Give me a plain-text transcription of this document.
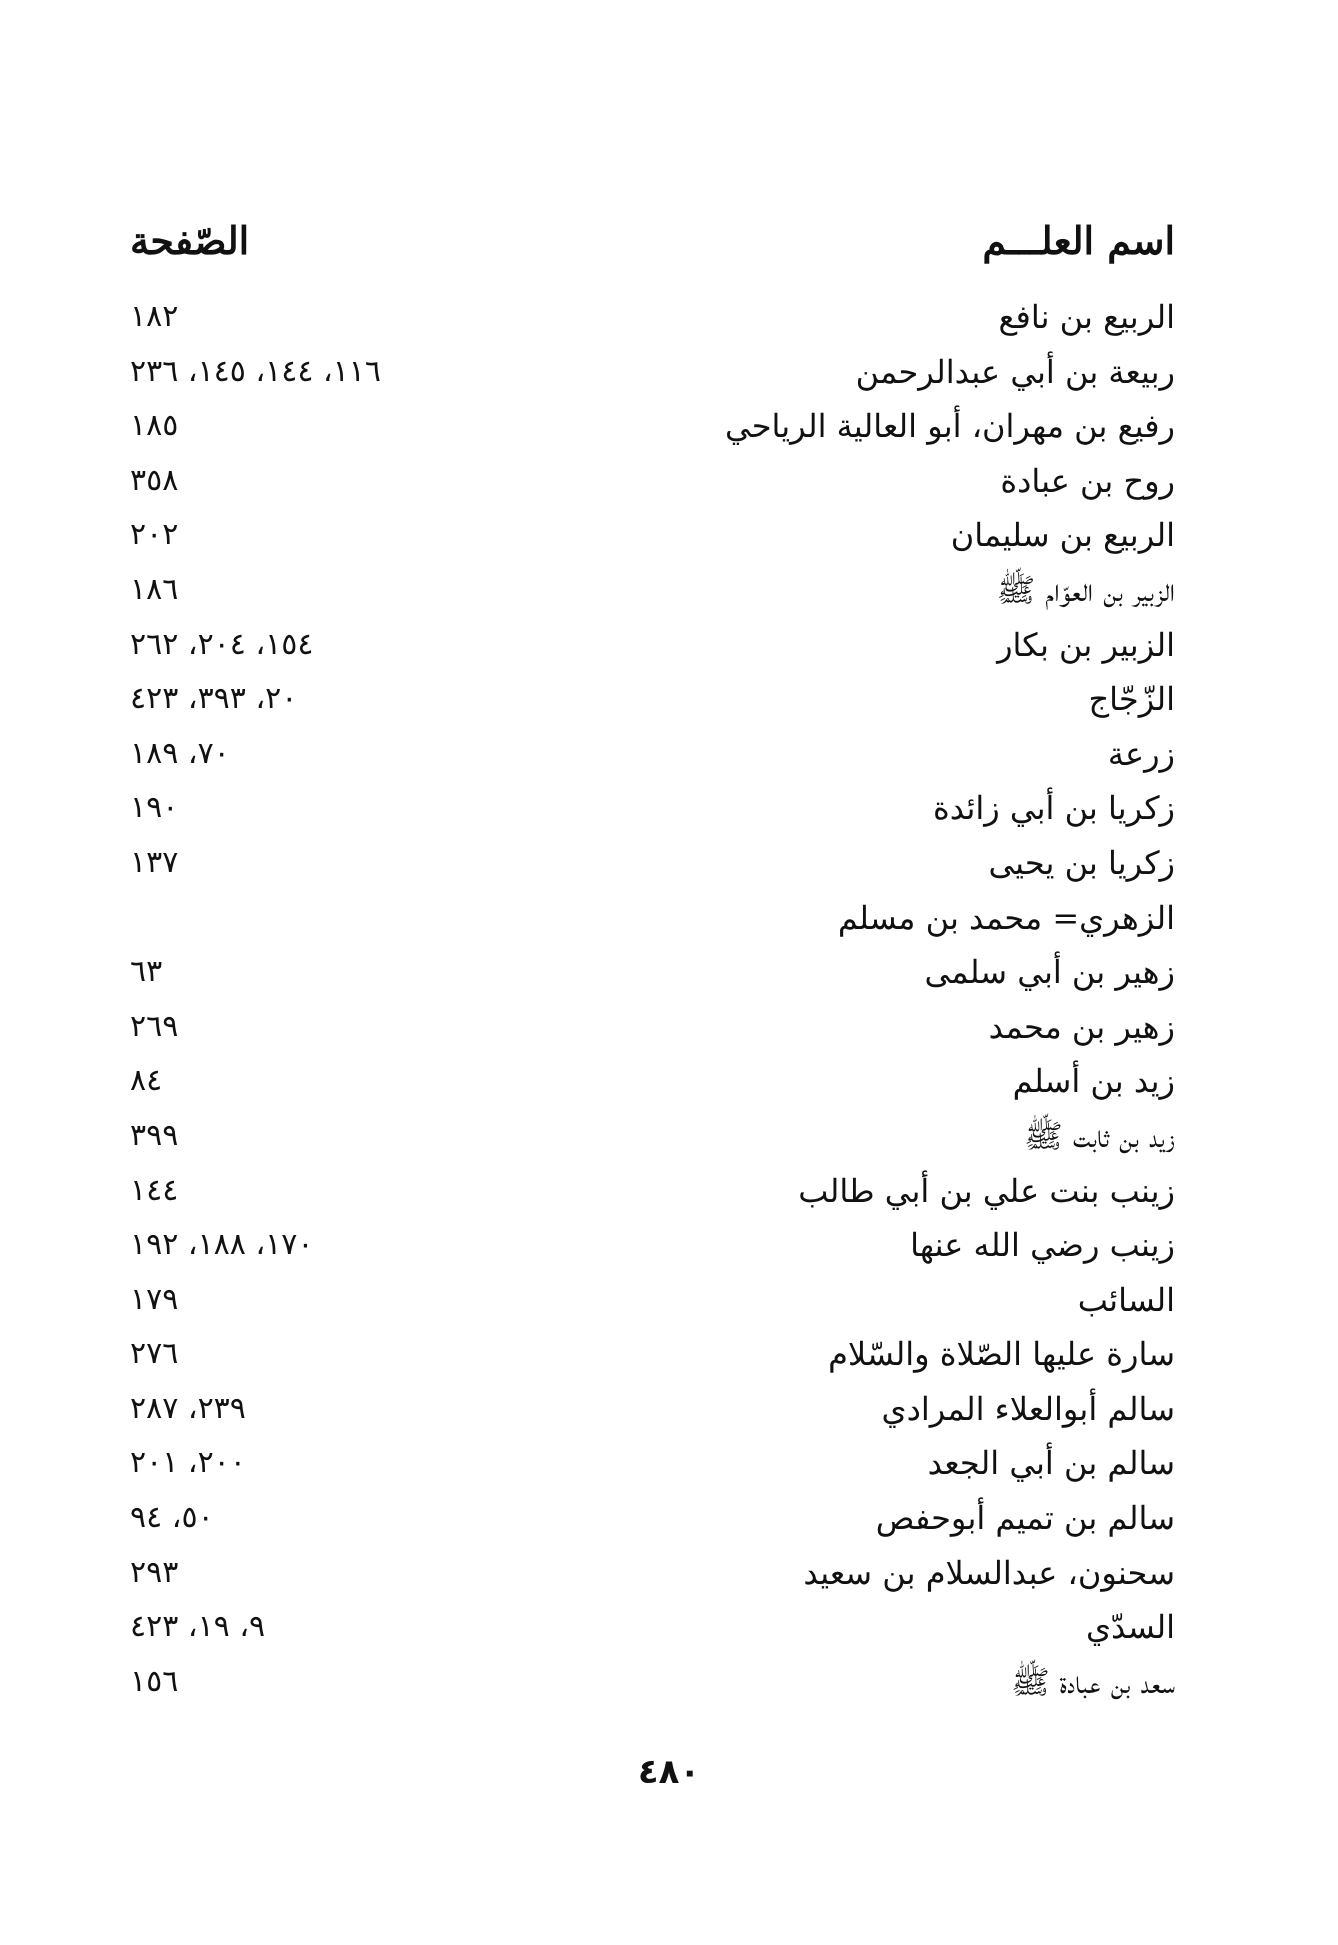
اسم العلـــم
الصّفحة
الربيع بن نافع
١٨٢
ربيعة بن أبي عبدالرحمن
١١٦، ١٤٤، ١٤٥، ٢٣٦
رفيع بن مهران، أبو العالية الرياحي
١٨٥
روح بن عبادة
٣٥٨
الربيع بن سليمان
٢٠٢
الزبير بن العوّام ﷺ
١٨٦
الزبير بن بكار
١٥٤، ٢٠٤، ٢٦٢
الزّجّاج
٢٠، ٣٩٣، ٤٢٣
زرعة
٧٠، ١٨٩
زكريا بن أبي زائدة
١٩٠
زكريا بن يحيى
١٣٧
الزهري= محمد بن مسلم
زهير بن أبي سلمى
٦٣
زهير بن محمد
٢٦٩
زيد بن أسلم
٨٤
زيد بن ثابت ﷺ
٣٩٩
زينب بنت علي بن أبي طالب
١٤٤
زينب رضي الله عنها
١٧٠، ١٨٨، ١٩٢
السائب
١٧٩
سارة عليها الصّلاة والسّلام
٢٧٦
سالم أبوالعلاء المرادي
٢٣٩، ٢٨٧
سالم بن أبي الجعد
٢٠٠، ٢٠١
سالم بن تميم أبوحفص
٥٠، ٩٤
سحنون، عبدالسلام بن سعيد
٢٩٣
السدّي
٩، ١٩، ٤٢٣
سعد بن عبادة ﷺ
١٥٦
٤٨٠
